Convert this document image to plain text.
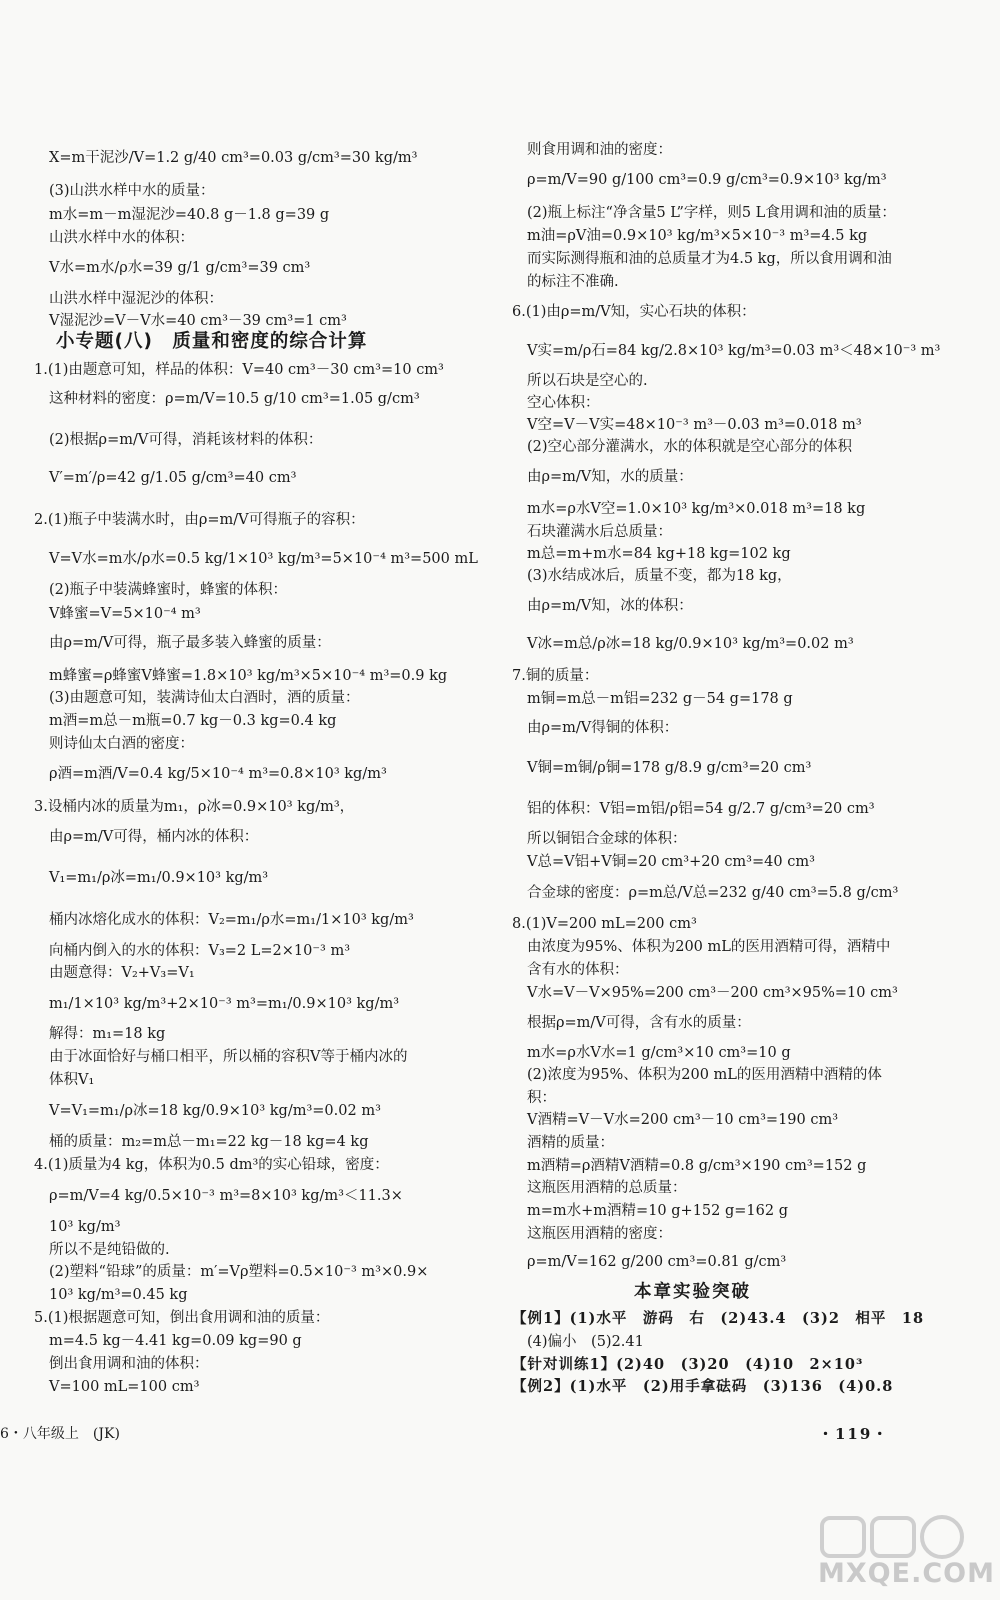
X=m干泥沙/V=1.2 g/40 cm³=0.03 g/cm³=30 kg/m³
(3)山洪水样中水的质量：
m水=m－m湿泥沙=40.8 g－1.8 g=39 g
山洪水样中水的体积：
V水=m水/ρ水=39 g/1 g/cm³=39 cm³
山洪水样中湿泥沙的体积：
V湿泥沙=V－V水=40 cm³－39 cm³=1 cm³
小专题(八)　质量和密度的综合计算
1.(1)由题意可知，样品的体积：V=40 cm³－30 cm³=10 cm³
这种材料的密度：ρ=m/V=10.5 g/10 cm³=1.05 g/cm³
(2)根据ρ=m/V可得，消耗该材料的体积：
V′=m′/ρ=42 g/1.05 g/cm³=40 cm³
2.(1)瓶子中装满水时，由ρ=m/V可得瓶子的容积：
V=V水=m水/ρ水=0.5 kg/1×10³ kg/m³=5×10⁻⁴ m³=500 mL
(2)瓶子中装满蜂蜜时，蜂蜜的体积：
V蜂蜜=V=5×10⁻⁴ m³
由ρ=m/V可得，瓶子最多装入蜂蜜的质量：
m蜂蜜=ρ蜂蜜V蜂蜜=1.8×10³ kg/m³×5×10⁻⁴ m³=0.9 kg
(3)由题意可知，装满诗仙太白酒时，酒的质量：
m酒=m总－m瓶=0.7 kg－0.3 kg=0.4 kg
则诗仙太白酒的密度：
ρ酒=m酒/V=0.4 kg/5×10⁻⁴ m³=0.8×10³ kg/m³
3.设桶内冰的质量为m₁，ρ冰=0.9×10³ kg/m³，
由ρ=m/V可得，桶内冰的体积：
V₁=m₁/ρ冰=m₁/0.9×10³ kg/m³
桶内冰熔化成水的体积：V₂=m₁/ρ水=m₁/1×10³ kg/m³
向桶内倒入的水的体积：V₃=2 L=2×10⁻³ m³
由题意得：V₂+V₃=V₁
m₁/1×10³ kg/m³+2×10⁻³ m³=m₁/0.9×10³ kg/m³
解得：m₁=18 kg
由于冰面恰好与桶口相平，所以桶的容积V等于桶内冰的
体积V₁
V=V₁=m₁/ρ冰=18 kg/0.9×10³ kg/m³=0.02 m³
桶的质量：m₂=m总－m₁=22 kg－18 kg=4 kg
4.(1)质量为4 kg，体积为0.5 dm³的实心铅球，密度：
ρ=m/V=4 kg/0.5×10⁻³ m³=8×10³ kg/m³＜11.3×
10³ kg/m³
所以不是纯铅做的.
(2)塑料“铅球”的质量：m′=Vρ塑料=0.5×10⁻³ m³×0.9×
10³ kg/m³=0.45 kg
5.(1)根据题意可知，倒出食用调和油的质量：
m=4.5 kg－4.41 kg=0.09 kg=90 g
倒出食用调和油的体积：
V=100 mL=100 cm³
则食用调和油的密度：
ρ=m/V=90 g/100 cm³=0.9 g/cm³=0.9×10³ kg/m³
(2)瓶上标注“净含量5 L”字样，则5 L食用调和油的质量：
m油=ρV油=0.9×10³ kg/m³×5×10⁻³ m³=4.5 kg
而实际测得瓶和油的总质量才为4.5 kg，所以食用调和油
的标注不准确.
6.(1)由ρ=m/V知，实心石块的体积：
V实=m/ρ石=84 kg/2.8×10³ kg/m³=0.03 m³＜48×10⁻³ m³
所以石块是空心的.
空心体积：
V空=V－V实=48×10⁻³ m³－0.03 m³=0.018 m³
(2)空心部分灌满水，水的体积就是空心部分的体积
由ρ=m/V知，水的质量：
m水=ρ水V空=1.0×10³ kg/m³×0.018 m³=18 kg
石块灌满水后总质量：
m总=m+m水=84 kg+18 kg=102 kg
(3)水结成冰后，质量不变，都为18 kg，
由ρ=m/V知，冰的体积：
V冰=m总/ρ冰=18 kg/0.9×10³ kg/m³=0.02 m³
7.铜的质量：
m铜=m总－m铝=232 g－54 g=178 g
由ρ=m/V得铜的体积：
V铜=m铜/ρ铜=178 g/8.9 g/cm³=20 cm³
铝的体积：V铝=m铝/ρ铝=54 g/2.7 g/cm³=20 cm³
所以铜铝合金球的体积：
V总=V铝+V铜=20 cm³+20 cm³=40 cm³
合金球的密度：ρ=m总/V总=232 g/40 cm³=5.8 g/cm³
8.(1)V=200 mL=200 cm³
由浓度为95%、体积为200 mL的医用酒精可得，酒精中
含有水的体积：
V水=V－V×95%=200 cm³－200 cm³×95%=10 cm³
根据ρ=m/V可得，含有水的质量：
m水=ρ水V水=1 g/cm³×10 cm³=10 g
(2)浓度为95%、体积为200 mL的医用酒精中酒精的体
积：
V酒精=V－V水=200 cm³－10 cm³=190 cm³
酒精的质量：
m酒精=ρ酒精V酒精=0.8 g/cm³×190 cm³=152 g
这瓶医用酒精的总质量：
m=m水+m酒精=10 g+152 g=162 g
这瓶医用酒精的密度：
ρ=m/V=162 g/200 cm³=0.81 g/cm³
本章实验突破
【例1】(1)水平　游码　右　(2)43.4　(3)2　相平　18
(4)偏小　(5)2.41
【针对训练1】(2)40　(3)20　(4)10　2×10³
【例2】(1)水平　(2)用手拿砝码　(3)136　(4)0.8
6・八年级上　(JK)	・119・
MXQE.COM
